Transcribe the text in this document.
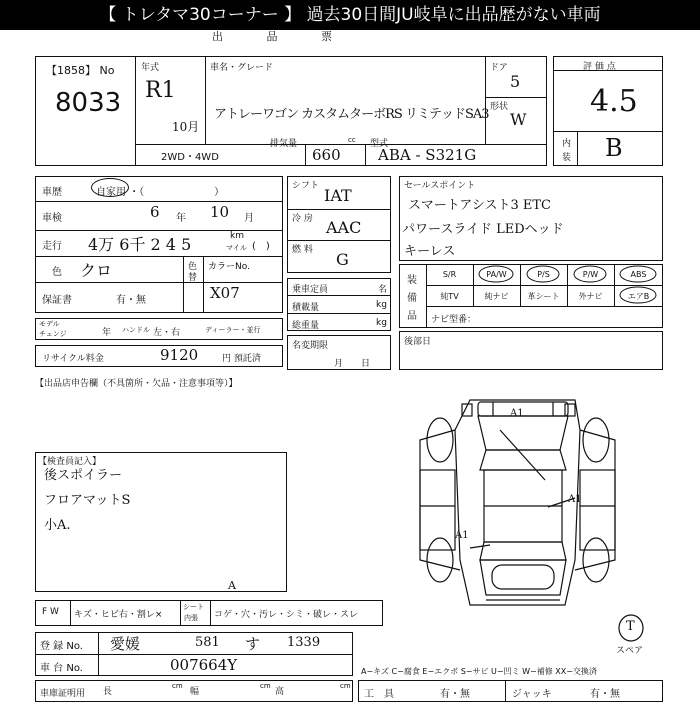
【 トレタマ30コーナー 】 過去30日間JU岐阜に出品歴がない車両
出 品 票
【1858】 No
8033
年式
R1
10月
車名・グレード
アトレーワゴン カスタムターボRS リミテッドSA3
ドア
5
形状
W
2WD・4WD
排気量	cc
660
型式
ABA - S321G
評 価 点
4.5
内
装 B
車歴	自家用 ・（　　　　　　　）
車検	6 年 10 月
走行 4万 6千 2 4 5	km
マイル (　)
色 クロ	色
替
カラーNo.
X07
保証書	有・無
モデル
チェンジ	年 ハンドル 左・右	ディーラー・並行
リサイクル料金	9120	円 預託済
シフト IAT
冷 房 AAC
燃 料 G
乗車定員	名
積載量	kg
総重量	kg
名変期限
月　　日
セールスポイント
スマートアシスト3 ETC
パワースライド LEDヘッド
キーレス
装
備
品
S/R	PA/W	P/S	P/W	ABS
純TV	純ナビ	革シート	外ナビ	エアB
ナビ型番：
後部日
【出品店申告欄（不具箇所・欠品・注意事項等）】
【検査員記入】
後スポイラー
フロアマットS
小A.
A1
A1
A1
T
スペア
A
F W キズ・ヒビ右・割レ×
シート
内張 コゲ・穴・汚レ・シミ・破レ・スレ
登 録 No. 愛媛	581 す 1339
車 台 No.	007664Y	A−キズ C−腐食 E−エクボ S−サビ U−凹ミ W−補修 XX−交換済
車庫証明用 長
cm
幅
cm
高
cm
工　具	有・無	ジャッキ	有・無
